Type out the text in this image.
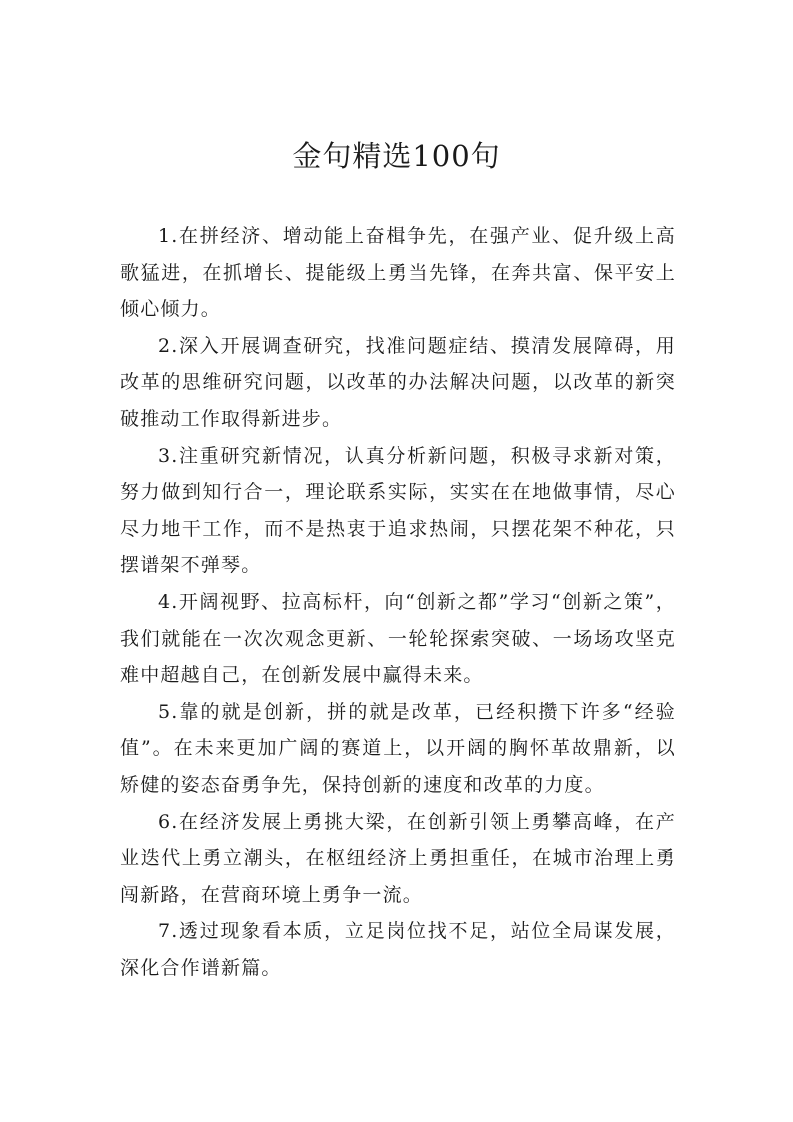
金句精选100句

1.在拼经济、增动能上奋楫争先，在强产业、促升级上高歌猛进，在抓增长、提能级上勇当先锋，在奔共富、保平安上倾心倾力。

2.深入开展调查研究，找准问题症结、摸清发展障碍，用改革的思维研究问题，以改革的办法解决问题，以改革的新突破推动工作取得新进步。

3.注重研究新情况，认真分析新问题，积极寻求新对策，努力做到知行合一，理论联系实际，实实在在地做事情，尽心尽力地干工作，而不是热衷于追求热闹，只摆花架不种花，只摆谱架不弹琴。

4.开阔视野、拉高标杆，向“创新之都”学习“创新之策”，我们就能在一次次观念更新、一轮轮探索突破、一场场攻坚克难中超越自己，在创新发展中赢得未来。

5.靠的就是创新，拼的就是改革，已经积攒下许多“经验值”。在未来更加广阔的赛道上，以开阔的胸怀革故鼎新，以矫健的姿态奋勇争先，保持创新的速度和改革的力度。

6.在经济发展上勇挑大梁，在创新引领上勇攀高峰，在产业迭代上勇立潮头，在枢纽经济上勇担重任，在城市治理上勇闯新路，在营商环境上勇争一流。

7.透过现象看本质，立足岗位找不足，站位全局谋发展，深化合作谱新篇。
